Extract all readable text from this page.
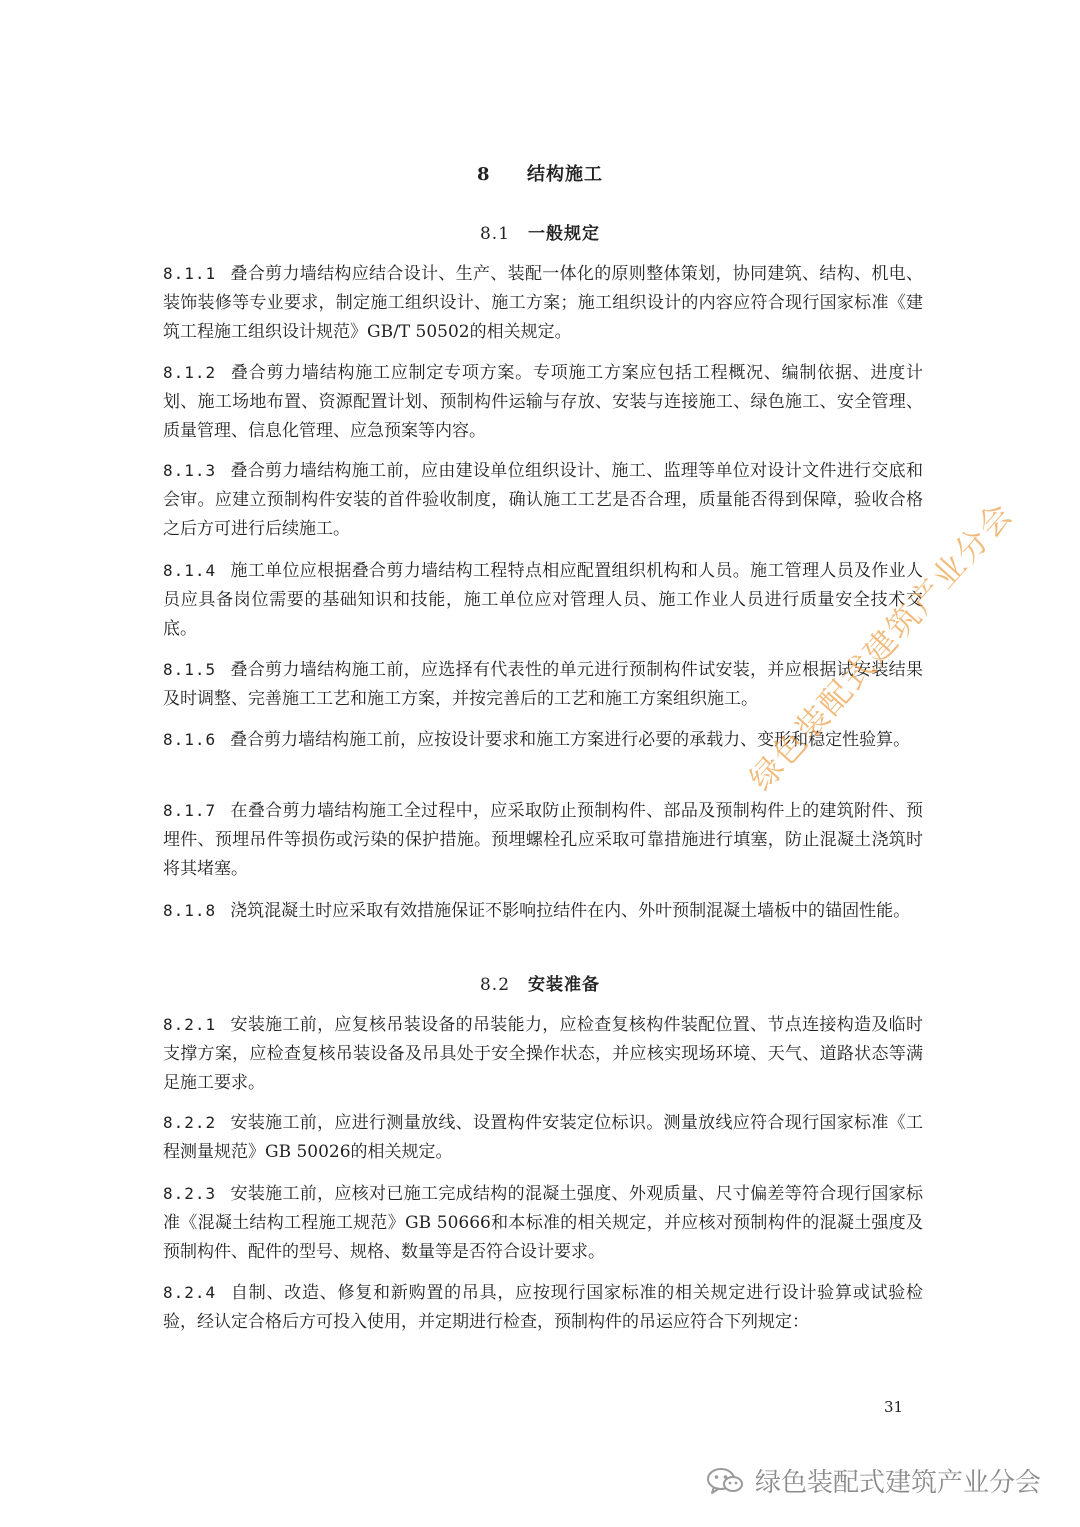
8 结构施工
8.1 一般规定

8.1.1 叠合剪力墙结构应结合设计、生产、装配一体化的原则整体策划，协同建筑、结构、机电、装饰装修等专业要求，制定施工组织设计、施工方案；施工组织设计的内容应符合现行国家标准《建筑工程施工组织设计规范》GB/T 50502的相关规定。

8.1.2 叠合剪力墙结构施工应制定专项方案。专项施工方案应包括工程概况、编制依据、进度计划、施工场地布置、资源配置计划、预制构件运输与存放、安装与连接施工、绿色施工、安全管理、质量管理、信息化管理、应急预案等内容。

8.1.3 叠合剪力墙结构施工前，应由建设单位组织设计、施工、监理等单位对设计文件进行交底和会审。应建立预制构件安装的首件验收制度，确认施工工艺是否合理，质量能否得到保障，验收合格之后方可进行后续施工。

8.1.4 施工单位应根据叠合剪力墙结构工程特点相应配置组织机构和人员。施工管理人员及作业人员应具备岗位需要的基础知识和技能，施工单位应对管理人员、施工作业人员进行质量安全技术交底。

8.1.5 叠合剪力墙结构施工前，应选择有代表性的单元进行预制构件试安装，并应根据试安装结果及时调整、完善施工工艺和施工方案，并按完善后的工艺和施工方案组织施工。

8.1.6 叠合剪力墙结构施工前，应按设计要求和施工方案进行必要的承载力、变形和稳定性验算。

8.1.7 在叠合剪力墙结构施工全过程中，应采取防止预制构件、部品及预制构件上的建筑附件、预埋件、预埋吊件等损伤或污染的保护措施。预埋螺栓孔应采取可靠措施进行填塞，防止混凝土浇筑时将其堵塞。

8.1.8 浇筑混凝土时应采取有效措施保证不影响拉结件在内、外叶预制混凝土墙板中的锚固性能。

8.2 安装准备

8.2.1 安装施工前，应复核吊装设备的吊装能力，应检查复核构件装配位置、节点连接构造及临时支撑方案，应检查复核吊装设备及吊具处于安全操作状态，并应核实现场环境、天气、道路状态等满足施工要求。

8.2.2 安装施工前，应进行测量放线、设置构件安装定位标识。测量放线应符合现行国家标准《工程测量规范》GB 50026的相关规定。

8.2.3 安装施工前，应核对已施工完成结构的混凝土强度、外观质量、尺寸偏差等符合现行国家标准《混凝土结构工程施工规范》GB 50666和本标准的相关规定，并应核对预制构件的混凝土强度及预制构件、配件的型号、规格、数量等是否符合设计要求。

8.2.4 自制、改造、修复和新购置的吊具，应按现行国家标准的相关规定进行设计验算或试验检验，经认定合格后方可投入使用，并定期进行检查，预制构件的吊运应符合下列规定：

31
绿色装配式建筑产业分会
绿色装配式建筑产业分会
